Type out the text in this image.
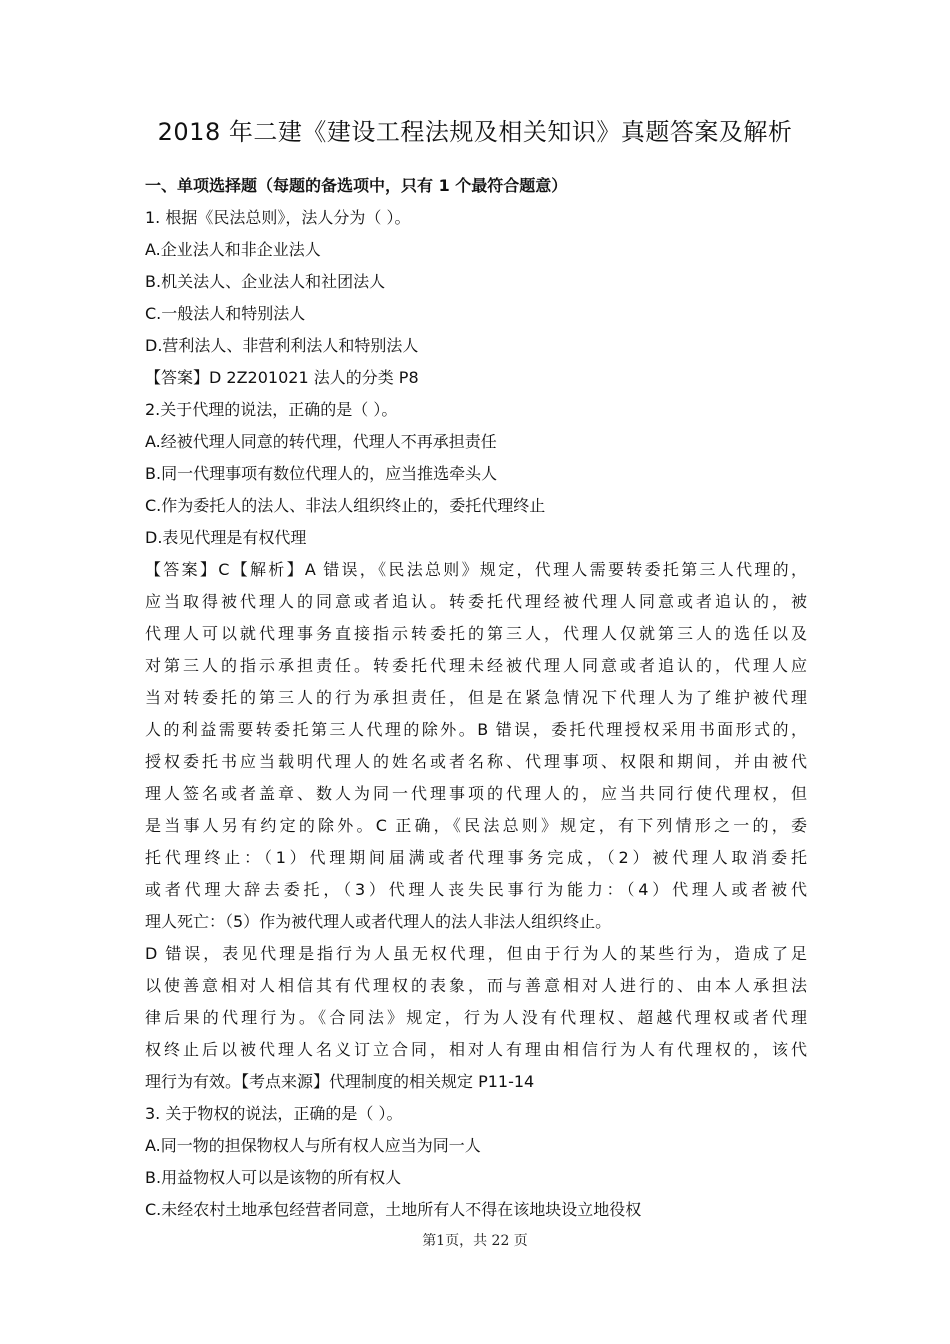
2018 年二建《建设工程法规及相关知识》真题答案及解析
一、单项选择题（每题的备选项中，只有 1 个最符合题意）
1. 根据《民法总则》，法人分为（ ）。
A.企业法人和非企业法人
B.机关法人、企业法人和社团法人
C.一般法人和特别法人
D.营利法人、非营利利法人和特别法人
【答案】D 2Z201021 法人的分类 P8
2.关于代理的说法，正确的是（ ）。
A.经被代理人同意的转代理，代理人不再承担责任
B.同一代理事项有数位代理人的，应当推选牵头人
C.作为委托人的法人、非法人组织终止的，委托代理终止
D.表见代理是有权代理
【答案】C【解析】A 错误，《民法总则》规定，代理人需要转委托第三人代理的，
应当取得被代理人的同意或者追认。转委托代理经被代理人同意或者追认的，被
代理人可以就代理事务直接指示转委托的第三人，代理人仅就第三人的选任以及
对第三人的指示承担责任。转委托代理未经被代理人同意或者追认的，代理人应
当对转委托的第三人的行为承担责任，但是在紧急情况下代理人为了维护被代理
人的利益需要转委托第三人代理的除外。B 错误，委托代理授权采用书面形式的，
授权委托书应当载明代理人的姓名或者名称、代理事项、权限和期间，并由被代
理人签名或者盖章、数人为同一代理事项的代理人的，应当共同行使代理权，但
是当事人另有约定的除外。C 正确，《民法总则》规定，有下列情形之一的，委
托代理终止：（1）代理期间届满或者代理事务完成，（2）被代理人取消委托
或者代理大辞去委托，（3）代理人丧失民事行为能力：（4）代理人或者被代
理人死亡：（5）作为被代理人或者代理人的法人非法人组织终止。
D 错误，表见代理是指行为人虽无权代理，但由于行为人的某些行为，造成了足
以使善意相对人相信其有代理权的表象，而与善意相对人进行的、由本人承担法
律后果的代理行为。《合同法》规定，行为人没有代理权、超越代理权或者代理
权终止后以被代理人名义订立合同，相对人有理由相信行为人有代理权的，该代
理行为有效。【考点来源】代理制度的相关规定 P11-14
3. 关于物权的说法，正确的是（ ）。
A.同一物的担保物权人与所有权人应当为同一人
B.用益物权人可以是该物的所有权人
C.未经农村土地承包经营者同意，土地所有人不得在该地块设立地役权
第1页，共 22 页
